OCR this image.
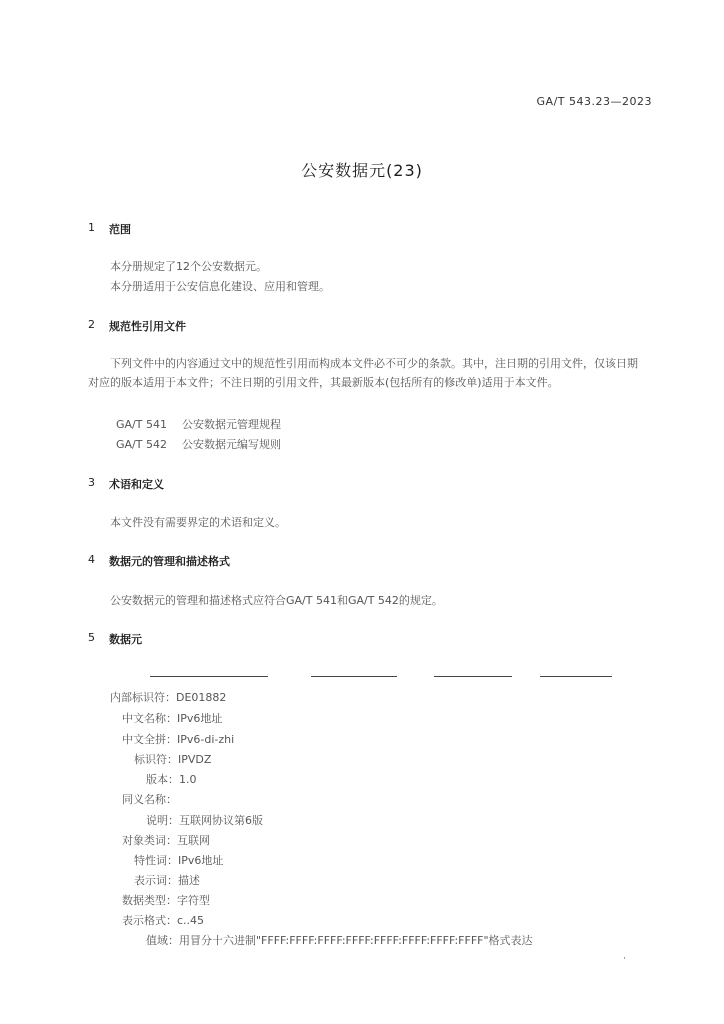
GA/T 543.23—2023
公安数据元(23)
1 范围
本分册规定了12个公安数据元。
本分册适用于公安信息化建设、应用和管理。
2 规范性引用文件
下列文件中的内容通过文中的规范性引用而构成本文件必不可少的条款。其中，注日期的引用文件，仅该日期对应的版本适用于本文件；不注日期的引用文件，其最新版本(包括所有的修改单)适用于本文件。
GA/T 541 公安数据元管理规程
GA/T 542 公安数据元编写规则
3 术语和定义
本文件没有需要界定的术语和定义。
4 数据元的管理和描述格式
公安数据元的管理和描述格式应符合GA/T 541和GA/T 542的规定。
5 数据元
内部标识符：DE01882
中文名称：IPv6地址
中文全拼：IPv6-di-zhi
标识符：IPVDZ
版本：1.0
同义名称：
说明：互联网协议第6版
对象类词：互联网
特性词：IPv6地址
表示词：描述
数据类型：字符型
表示格式：c..45
值域：用冒分十六进制"FFFF:FFFF:FFFF:FFFF:FFFF:FFFF:FFFF:FFFF"格式表达
·
